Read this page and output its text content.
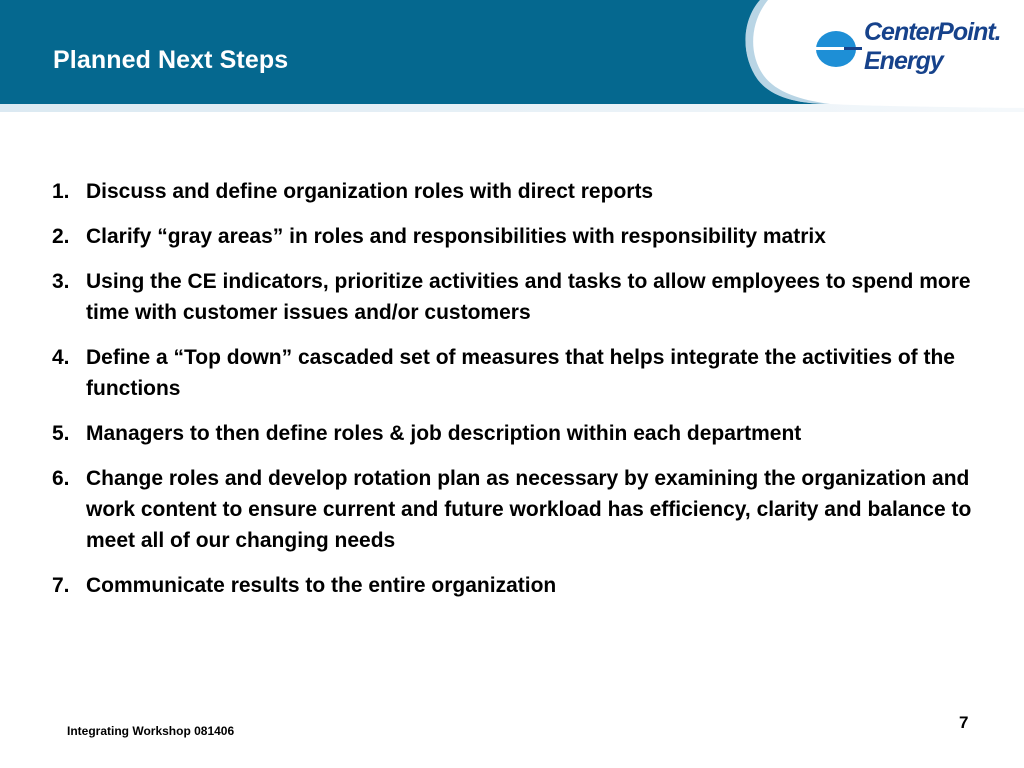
Planned Next Steps
CenterPoint.
Energy
1. Discuss and define organization roles with direct reports
2. Clarify “gray areas” in roles and responsibilities with responsibility matrix
3. Using the CE indicators, prioritize activities and tasks to allow employees to spend more time with customer issues and/or customers
4. Define a “Top down” cascaded set of measures that helps integrate the activities of the functions
5. Managers to then define roles & job description within each department
6. Change roles and develop rotation plan as necessary by examining the organization and work content to ensure current and future workload has efficiency, clarity and balance to meet all of our changing needs
7. Communicate results to the entire organization
Integrating Workshop 081406	7
